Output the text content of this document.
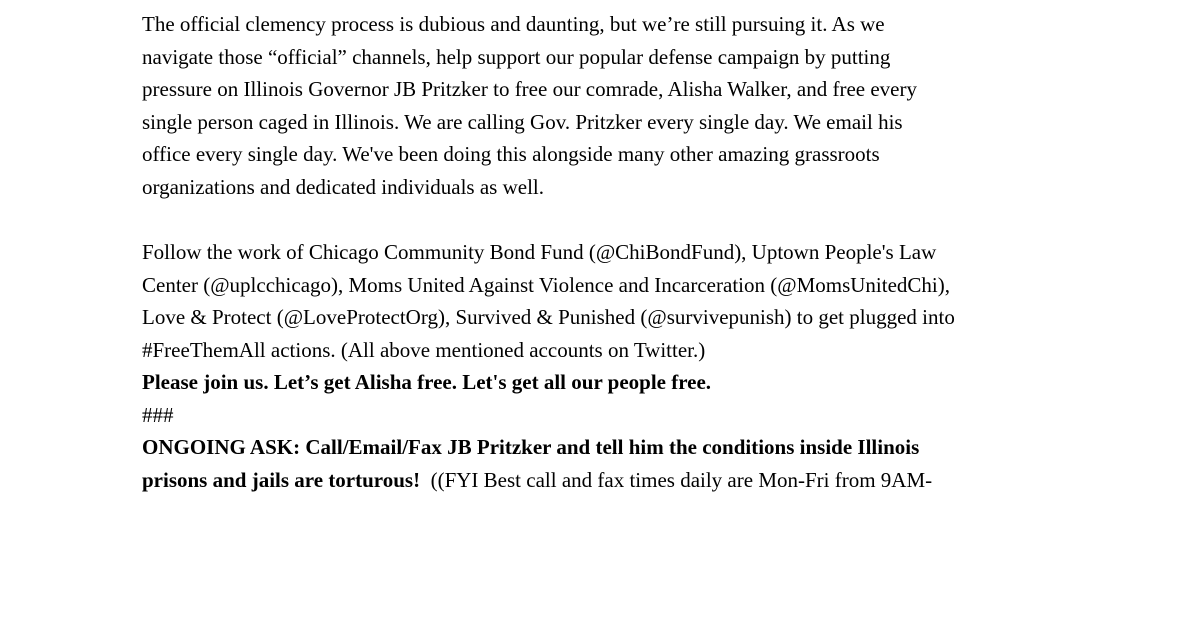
The official clemency process is dubious and daunting, but we’re still pursuing it. As we

navigate those “official” channels, help support our popular defense campaign by putting

pressure on Illinois Governor JB Pritzker to free our comrade, Alisha Walker, and free every

single person caged in Illinois. We are calling Gov. Pritzker every single day. We email his

office every single day. We've been doing this alongside many other amazing grassroots

organizations and dedicated individuals as well.

Follow the work of Chicago Community Bond Fund (@ChiBondFund), Uptown People's Law

Center (@uplcchicago), Moms United Against Violence and Incarceration (@MomsUnitedChi),

Love & Protect (@LoveProtectOrg), Survived & Punished (@survivepunish) to get plugged into

#FreeThemAll actions. (All above mentioned accounts on Twitter.)

Please join us. Let’s get Alisha free. Let's get all our people free.

###

ONGOING ASK: Call/Email/Fax JB Pritzker and tell him the conditions inside Illinois

prisons and jails are torturous!  ((FYI Best call and fax times daily are Mon-Fri from 9AM-
